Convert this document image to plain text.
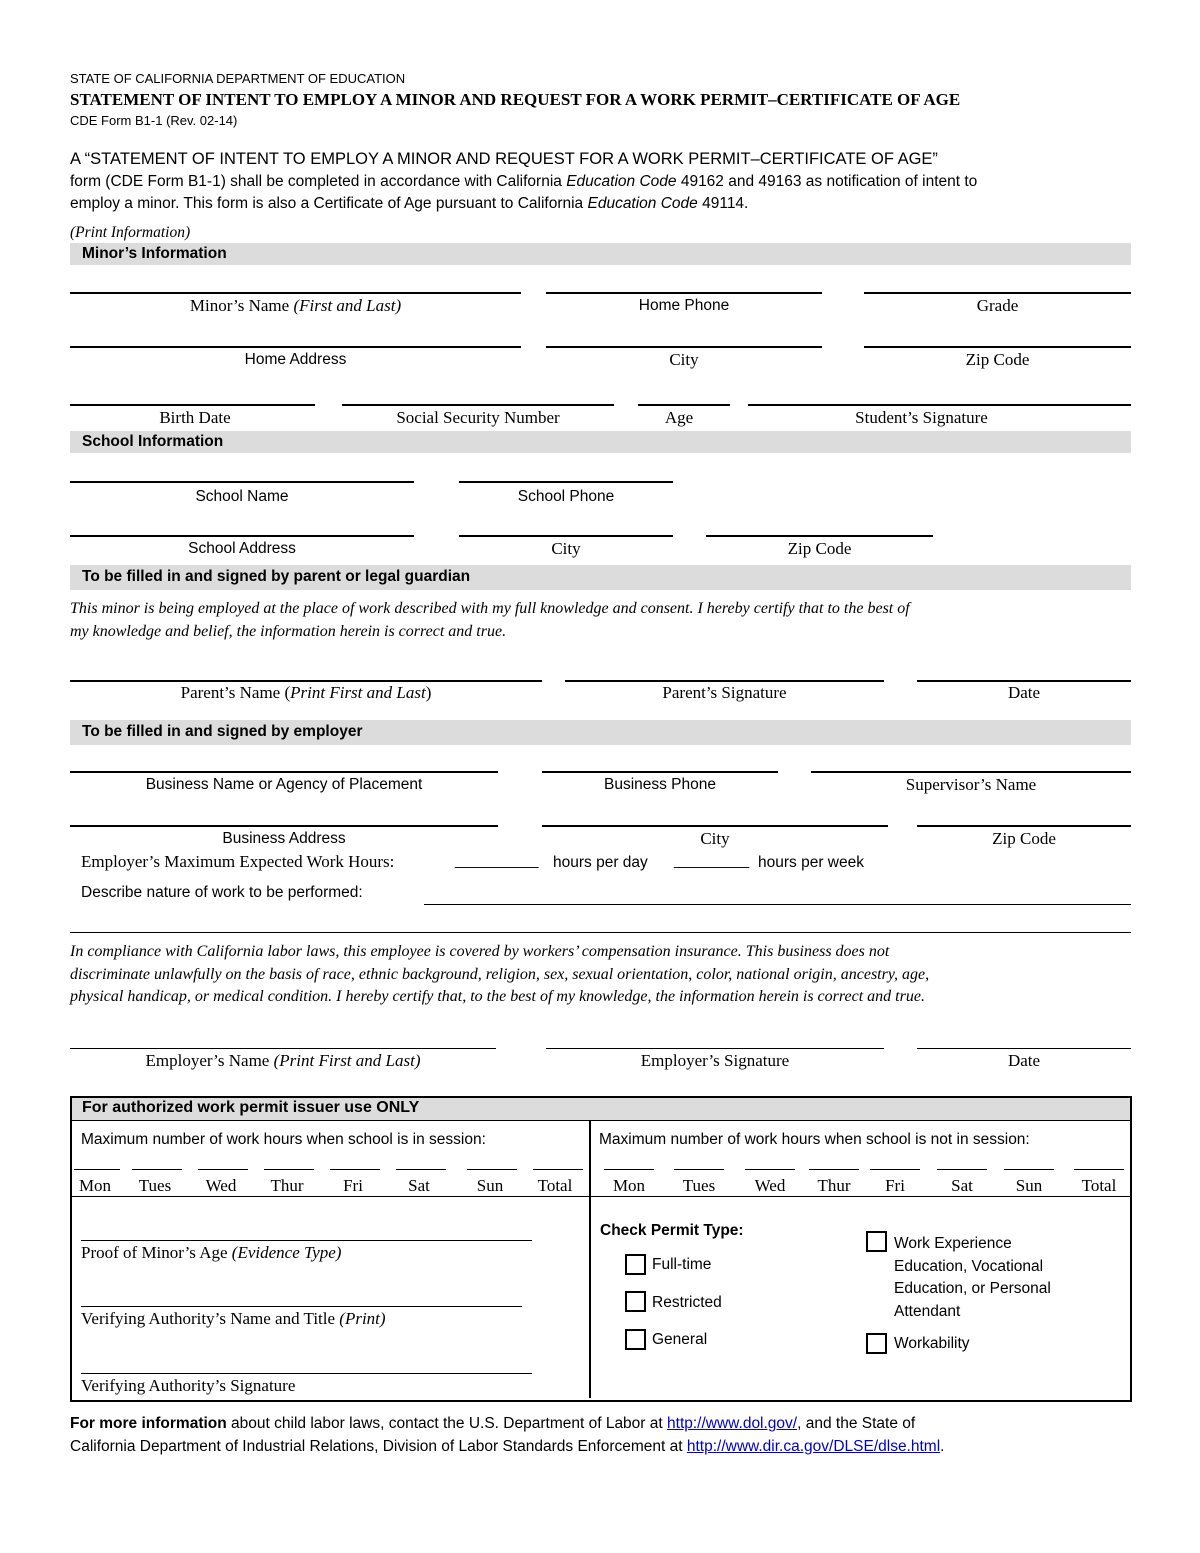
STATE OF CALIFORNIA DEPARTMENT OF EDUCATION
STATEMENT OF INTENT TO EMPLOY A MINOR AND REQUEST FOR A WORK PERMIT–CERTIFICATE OF AGE
CDE Form B1-1 (Rev. 02-14)
A “STATEMENT OF INTENT TO EMPLOY A MINOR AND REQUEST FOR A WORK PERMIT–CERTIFICATE OF AGE”
form (CDE Form B1-1) shall be completed in accordance with California Education Code 49162 and 49163 as notification of intent to
employ a minor. This form is also a Certificate of Age pursuant to California Education Code 49114.
(Print Information)
Minor’s Information
Minor’s Name (First and Last)	Home Phone	Grade
Home Address	City	Zip Code
Birth Date	Social Security Number	Age	Student’s Signature
School Information
School Name	School Phone
School Address	City	Zip Code
To be filled in and signed by parent or legal guardian
This minor is being employed at the place of work described with my full knowledge and consent. I hereby certify that to the best of
my knowledge and belief, the information herein is correct and true.
Parent’s Name (Print First and Last)	Parent’s Signature	Date
To be filled in and signed by employer
Business Name or Agency of Placement	Business Phone	Supervisor’s Name
Business Address	City	Zip Code
Employer’s Maximum Expected Work Hours:	__________ hours per day _________ hours per week
Describe nature of work to be performed:
In compliance with California labor laws, this employee is covered by workers’ compensation insurance. This business does not
discriminate unlawfully on the basis of race, ethnic background, religion, sex, sexual orientation, color, national origin, ancestry, age,
physical handicap, or medical condition. I hereby certify that, to the best of my knowledge, the information herein is correct and true.
Employer’s Name (Print First and Last)	Employer’s Signature	Date
For authorized work permit issuer use ONLY
Maximum number of work hours when school is in session:	Maximum number of work hours when school is not in session:
Mon	Tues	Wed	Thur	Fri	Sat	Sun	Total	Mon	Tues	Wed	Thur	Fri	Sat	Sun	Total
Proof of Minor’s Age (Evidence Type)
Verifying Authority’s Name and Title (Print)
Verifying Authority’s Signature
Check Permit Type:
Full-time
Restricted
General
Work Experience
Education, Vocational
Education, or Personal
Attendant
Workability
For more information about child labor laws, contact the U.S. Department of Labor at http://www.dol.gov/, and the State of
California Department of Industrial Relations, Division of Labor Standards Enforcement at http://www.dir.ca.gov/DLSE/dlse.html.
